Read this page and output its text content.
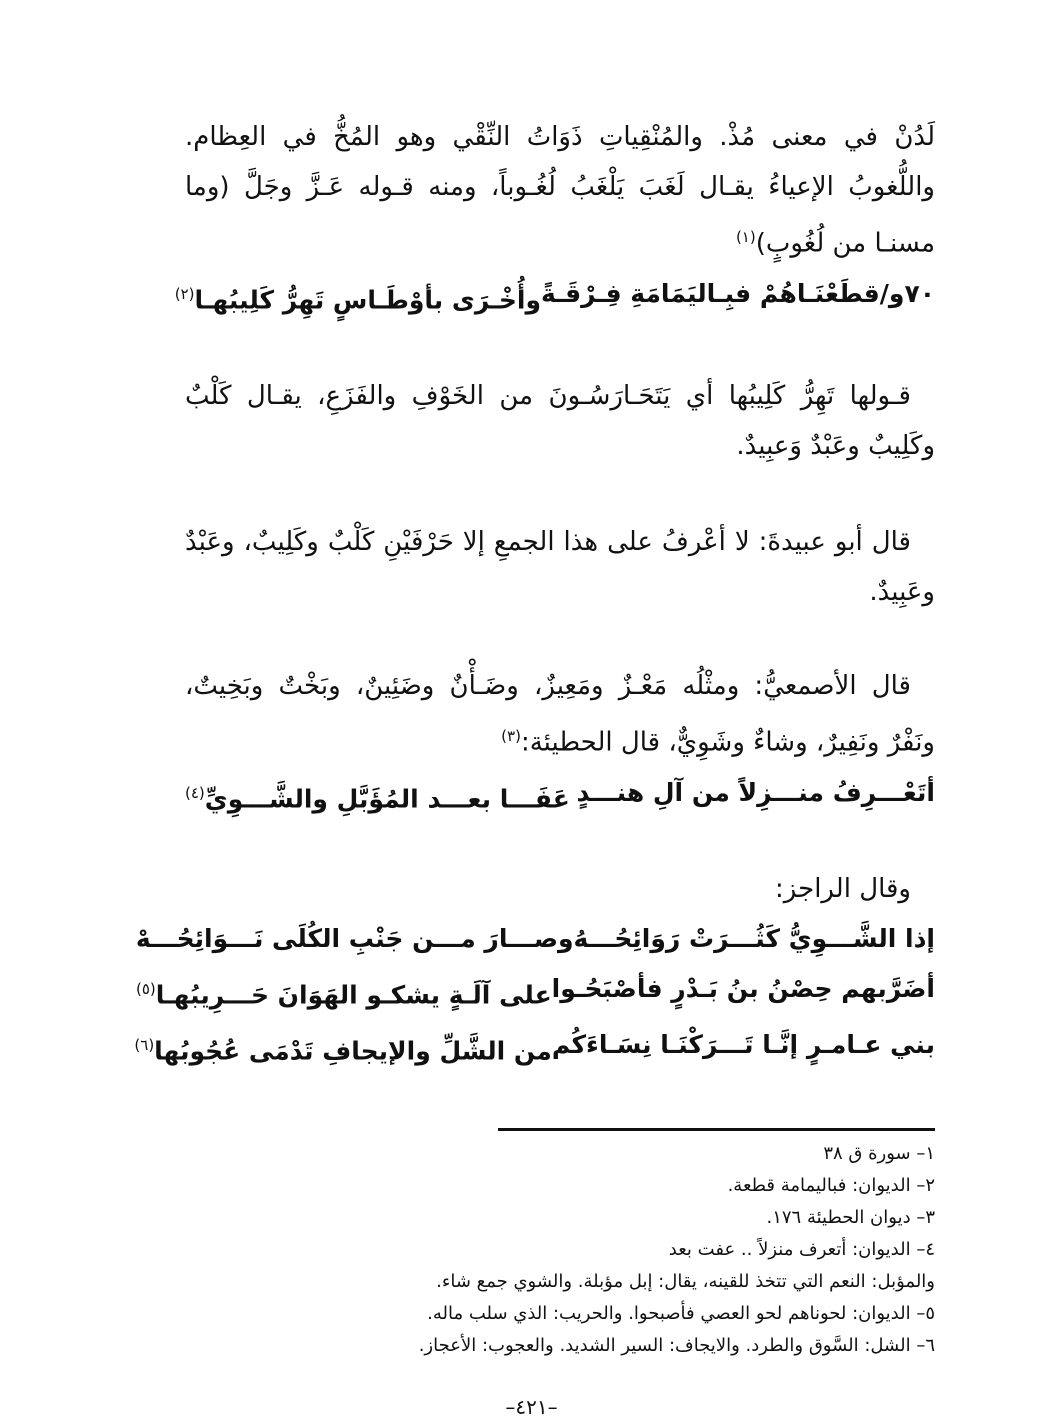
لَدُنْ في معنى مُذْ. والمُنْقِياتِ ذَوَاتُ النِّقْي وهو المُخُّ في العِظام. واللُّغوبُ الإعياءُ يقـال لَغَبَ يَلْغَبُ لُغُـوباً، ومنه قـوله عَـزَّ وجَلَّ (وما مسنـا من لُغُوبٍ)$^{(١)}$

٧٠و/قطَعْنَـاهُمْ فبِـاليَمَامَةِ فِـرْقَـةً
وأُخْـرَى بأوْطَـاسٍ تَهِرُّ كَلِيبُهـا$^{(٢)}$

قـولها تَهِرُّ كَلِيبُها أي يَتَحَـارَسُـونَ من الخَوْفِ والفَزَعِ، يقـال كَلْبٌ وكَلِيبٌ وعَبْدٌ وَعبِيدٌ.

قال أبو عبيدةَ: لا أعْرفُ على هذا الجمعِ إلا حَرْفَيْنِ كَلْبٌ وكَلِيبٌ، وعَبْدٌ وعَبِيدٌ.

قال الأصمعيُّ: ومثْلُه مَعْـزٌ ومَعِيزٌ، وضَـأْنٌ وضَئِينٌ، وبَخْتٌ وبَخِيتٌ، ونَفْرٌ ونَفِيرٌ، وشاءٌ وشَوِيٌّ، قال الحطيئة:$^{(٣)}$

أتَعْـــرِفُ منـــزِلاً من آلِ هنـــدٍ
عَفَـــا بعـــد المُؤَبَّلِ والشَّـــوِيِّ$^{(٤)}$

وقال الراجز:

إذا الشَّـــوِيُّ كَثُـــرَتْ رَوَائِحُـــهُ
وصـــارَ مـــن جَنْبِ الكُلَى نَـــوَائِحُـــهْ
أضَرَّبهم حِصْنُ بنُ بَـدْرٍ فأصْبَحُـوا
على آلَـةٍ يشكـو الهَوَانَ حَـــرِيبُهـا$^{(٥)}$
بني عـامـرٍ إنَّـا تَـــرَكْنَـا نِسَـاءَكُم
من الشَّلِّ والإيجافِ تَدْمَى عُجُوبُها$^{(٦)}$
١– سورة ق ٣٨
٢– الديوان: فباليمامة قطعة.
٣– ديوان الحطيئة ١٧٦.
٤– الديوان: أتعرف منزلاً .. عفت بعد
والمؤبل: النعم التي تتخذ للقينه، يقال: إبل مؤبلة. والشوي جمع شاء.
٥– الديوان: لحوناهم لحو العصي فأصبحوا. والحريب: الذي سلب ماله.
٦– الشل: السَّوق والطرد. والايجاف: السير الشديد. والعجوب: الأعجاز.
–٤٢١–
